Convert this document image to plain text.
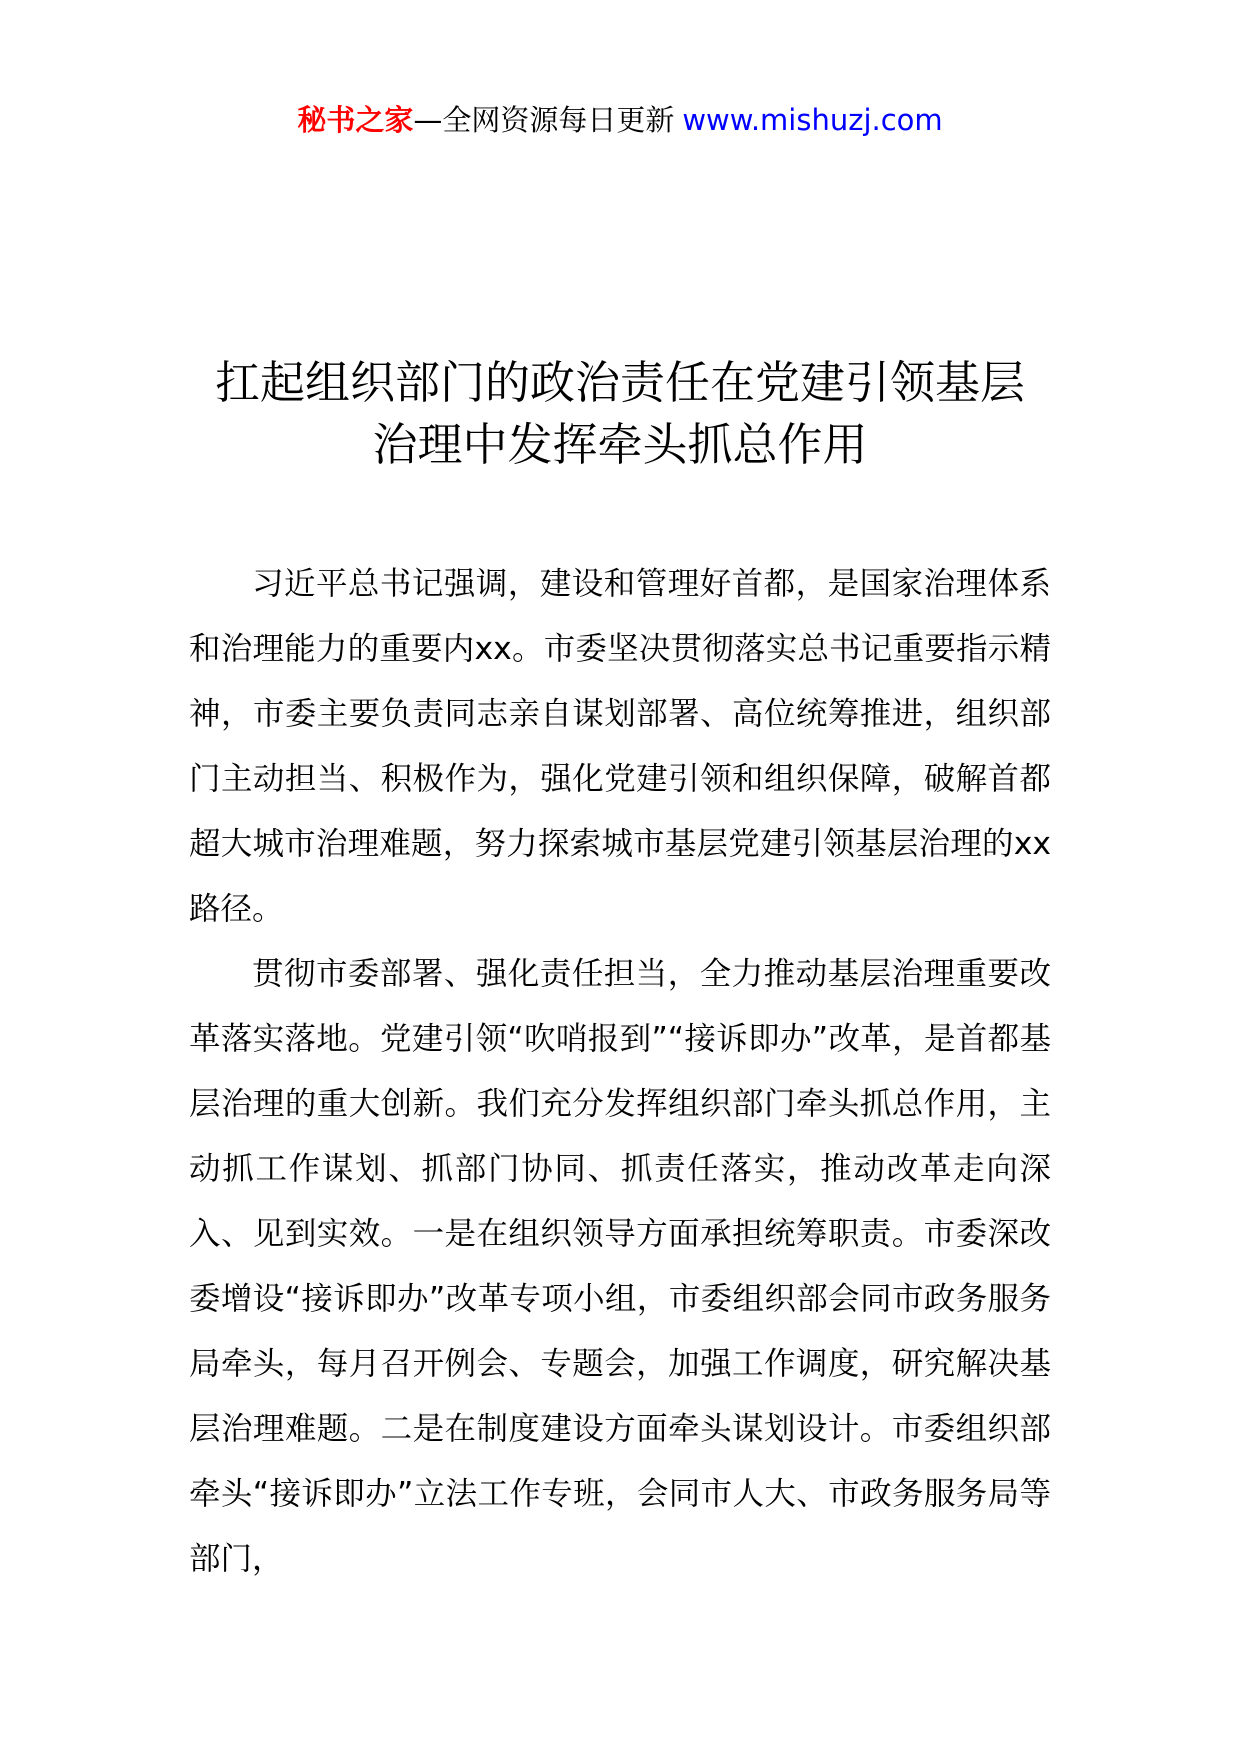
秘书之家—全网资源每日更新 www.mishuzj.com
扛起组织部门的政治责任在党建引领基层
治理中发挥牵头抓总作用

习近平总书记强调，建设和管理好首都，是国家治理体系和治理能力的重要内xx。市委坚决贯彻落实总书记重要指示精神，市委主要负责同志亲自谋划部署、高位统筹推进，组织部门主动担当、积极作为，强化党建引领和组织保障，破解首都超大城市治理难题，努力探索城市基层党建引领基层治理的xx路径。

贯彻市委部署、强化责任担当，全力推动基层治理重要改革落实落地。党建引领“吹哨报到”“接诉即办”改革，是首都基层治理的重大创新。我们充分发挥组织部门牵头抓总作用，主动抓工作谋划、抓部门协同、抓责任落实，推动改革走向深入、见到实效。一是在组织领导方面承担统筹职责。市委深改委增设“接诉即办”改革专项小组，市委组织部会同市政务服务局牵头，每月召开例会、专题会，加强工作调度，研究解决基层治理难题。二是在制度建设方面牵头谋划设计。市委组织部牵头“接诉即办”立法工作专班，会同市人大、市政务服务局等部门，
